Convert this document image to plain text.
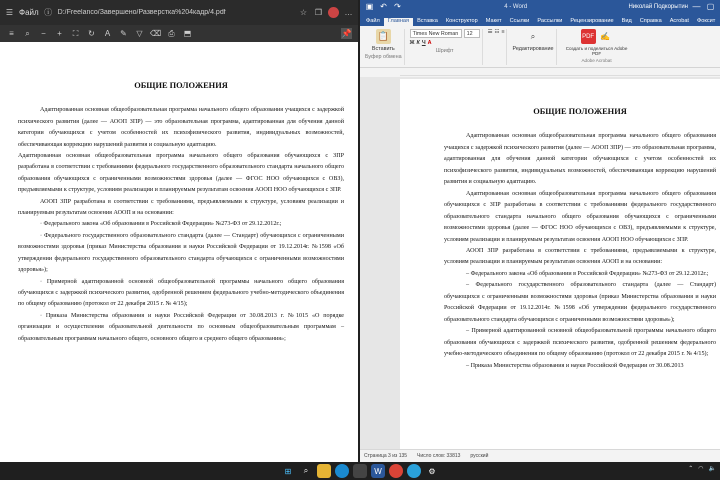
☰ Файл ⓘ D:/Freelanco/Завершено/Разверстка%204кадр/4.pdf	☆ ❒	…
≡	⌕	−	+	⛶	↻	A	✎	▽ ⌫ ⎙ ⬒	📌
ОБЩИЕ ПОЛОЖЕНИЯ

Адаптированная основная общеобразовательная программа начального общего образования учащихся с задержкой психического развития (далее — АООП ЗПР) — это образовательная программа, адаптированная для обучения данной категории обучающихся с учетом особенностей их психофизического развития, индивидуальных возможностей, обеспечивающая коррекцию нарушений развития и социальную адаптацию.

Адаптированная основная общеобразовательная программа начального общего образования обучающихся с ЗПР разработана в соответствии с требованиями федерального государственного образовательного стандарта начального общего образования обучающихся с ограниченными возможностями здоровья (далее — ФГОС НОО обучающихся с ОВЗ), предъявляемыми к структуре, условиям реализации и планируемым результатам освоения АООП НОО обучающихся с ЗПР.

АООП ЗПР разработана в соответствии с требованиями, предъявляемыми к структуре, условиям реализации и планируемым результатам освоения АООП и на основании:

· Федерального закона «Об образовании в Российской Федерации» №273-ФЗ от 29.12.2012г.;

· Федерального государственного образовательного стандарта (далее — Стандарт) обучающихся с ограниченными возможностями здоровья (приказ Министерства образования и науки Российской Федерации от 19.12.2014г. №1598 «Об утверждении федерального государственного образовательного стандарта обучающихся с ограниченными возможностями здоровья»);

· Примерной адаптированной основной общеобразовательной программы начального общего образования обучающихся с задержкой психического развития, одобренной решением федерального учебно-методического объединения по общему образованию (протокол от 22 декабря 2015 г. № 4/15);

· Приказа Министерства образования и науки Российской Федерации от 30.08.2013 г. №1015 «О порядке организации и осуществления образовательной деятельности по основным общеобразовательным программам – образовательным программам начального общего, основного общего и среднего общего образования»;

▣ ↶ ↷	4 - Word	Николай Подкорытин — ▢
Файл	Главная	Вставка	Конструктор	Макет	Ссылки	Рассылки	Рецензирование	Вид	Справка	Acrobat	Фоксит
📋
Вставить
Буфер обмена
Times New Roman	12
Ж К Ч A
Шрифт
☰ ☷ ≡	⌕
Редактирование
PDF ✍
Создать и поделиться Adobe PDF
Adobe Acrobat
ОБЩИЕ ПОЛОЖЕНИЯ

Адаптированная основная общеобразовательная программа начального общего образования учащихся с задержкой психического развития (далее — АООП ЗПР) — это образовательная программа, адаптированная для обучения данной категории обучающихся с учетом особенностей их психофизического развития, индивидуальных возможностей, обеспечивающая коррекцию нарушений развития и социальную адаптацию.

Адаптированная основная общеобразовательная программа начального общего образования обучающихся с ЗПР разработана в соответствии с требованиями федерального государственного образовательного стандарта начального общего образования обучающихся с ограниченными возможностями здоровья (далее — ФГОС НОО обучающихся с ОВЗ), предъявляемыми к структуре, условиям реализации и планируемым результатам освоения АООП НОО обучающихся с ЗПР.

АООП ЗПР разработана в соответствии с требованиями, предъявляемыми к структуре, условиям реализации и планируемым результатам освоения АООП и на основании:

– Федерального закона «Об образовании в Российской Федерации» №273-ФЗ от 29.12.2012г.;

– Федерального государственного образовательного стандарта (далее — Стандарт) обучающихся с ограниченными возможностями здоровья (приказ Министерства образования и науки Российской Федерации от 19.12.2014г. №1598 «Об утверждении федерального государственного образовательного стандарта обучающихся с ограниченными возможностями здоровья»);

– Примерной адаптированной основной общеобразовательной программы начального общего образования обучающихся с задержкой психического развития, одобренной решением федерального учебно-методического объединения по общему образованию (протокол от 22 декабря 2015 г. № 4/15);

– Приказа Министерства образования и науки Российской Федерации от 30.08.2013

Страница 3 из 135 Число слов: 33813 русский
⊞	⌕	W	⚙	⌃ ◠ 🔈
